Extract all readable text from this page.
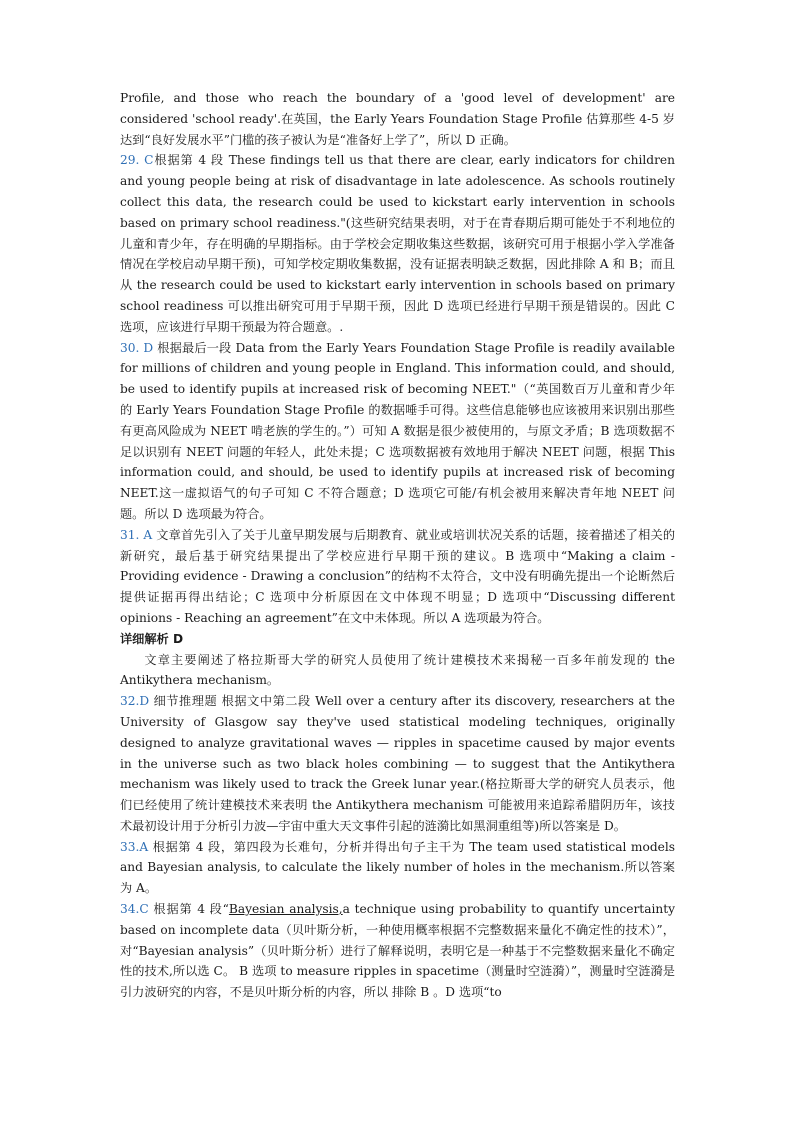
Profile, and those who reach the boundary of a 'good level of development' are considered 'school ready'.在英国，the Early Years Foundation Stage Profile 估算那些 4-5 岁达到“良好发展水平”门槛的孩子被认为是“准备好上学了”，所以 D 正确。

29. C根据第 4 段 These findings tell us that there are clear, early indicators for children and young people being at risk of disadvantage in late adolescence. As schools routinely collect this data, the research could be used to kickstart early intervention in schools based on primary school readiness."(这些研究结果表明，对于在青春期后期可能处于不利地位的儿童和青少年，存在明确的早期指标。由于学校会定期收集这些数据，该研究可用于根据小学入学准备情况在学校启动早期干预)，可知学校定期收集数据，没有证据表明缺乏数据，因此排除 A 和 B；而且从 the research could be used to kickstart early intervention in schools based on primary school readiness 可以推出研究可用于早期干预，因此 D 选项已经进行早期干预是错误的。因此 C 选项，应该进行早期干预最为符合题意。.

30. D 根据最后一段 Data from the Early Years Foundation Stage Profile is readily available for millions of children and young people in England. This information could, and should, be used to identify pupils at increased risk of becoming NEET."（“英国数百万儿童和青少年的 Early Years Foundation Stage Profile 的数据唾手可得。这些信息能够也应该被用来识别出那些有更高风险成为 NEET 啃老族的学生的。”）可知 A 数据是很少被使用的，与原文矛盾；B 选项数据不足以识别有 NEET 问题的年轻人，此处未提；C 选项数据被有效地用于解决 NEET 问题，根据 This information could, and should, be used to identify pupils at increased risk of becoming NEET.这一虚拟语气的句子可知 C 不符合题意；D 选项它可能/有机会被用来解决青年地 NEET 问题。所以 D 选项最为符合。

31. A 文章首先引入了关于儿童早期发展与后期教育、就业或培训状况关系的话题，接着描述了相关的新研究，最后基于研究结果提出了学校应进行早期干预的建议。B 选项中“Making a claim - Providing evidence - Drawing a conclusion”的结构不太符合，文中没有明确先提出一个论断然后提供证据再得出结论；C 选项中分析原因在文中体现不明显；D 选项中“Discussing different opinions - Reaching an agreement”在文中未体现。所以 A 选项最为符合。

详细解析 D

文章主要阐述了格拉斯哥大学的研究人员使用了统计建模技术来揭秘一百多年前发现的 the Antikythera mechanism。

32.D 细节推理题 根据文中第二段 Well over a century after its discovery, researchers at the University of Glasgow say they've used statistical modeling techniques, originally designed to analyze gravitational waves — ripples in spacetime caused by major events in the universe such as two black holes combining — to suggest that the Antikythera mechanism was likely used to track the Greek lunar year.(格拉斯哥大学的研究人员表示，他们已经使用了统计建模技术来表明 the Antikythera mechanism 可能被用来追踪希腊阴历年，该技术最初设计用于分析引力波—宇宙中重大天文事件引起的涟漪比如黑洞重组等)所以答案是 D。

33.A 根据第 4 段，第四段为长难句，分析并得出句子主干为 The team used statistical models and Bayesian analysis, to calculate the likely number of holes in the mechanism.所以答案为 A。

34.C 根据第 4 段“Bayesian analysis,a technique using probability to quantify uncertainty based on incomplete data（贝叶斯分析，一种使用概率根据不完整数据来量化不确定性的技术）”，对“Bayesian analysis”（贝叶斯分析）进行了解释说明，表明它是一种基于不完整数据来量化不确定性的技术,所以选 C。 B 选项 to measure ripples in spacetime（测量时空涟漪）”，测量时空涟漪是引力波研究的内容，不是贝叶斯分析的内容，所以 排除 B 。D 选项“to
